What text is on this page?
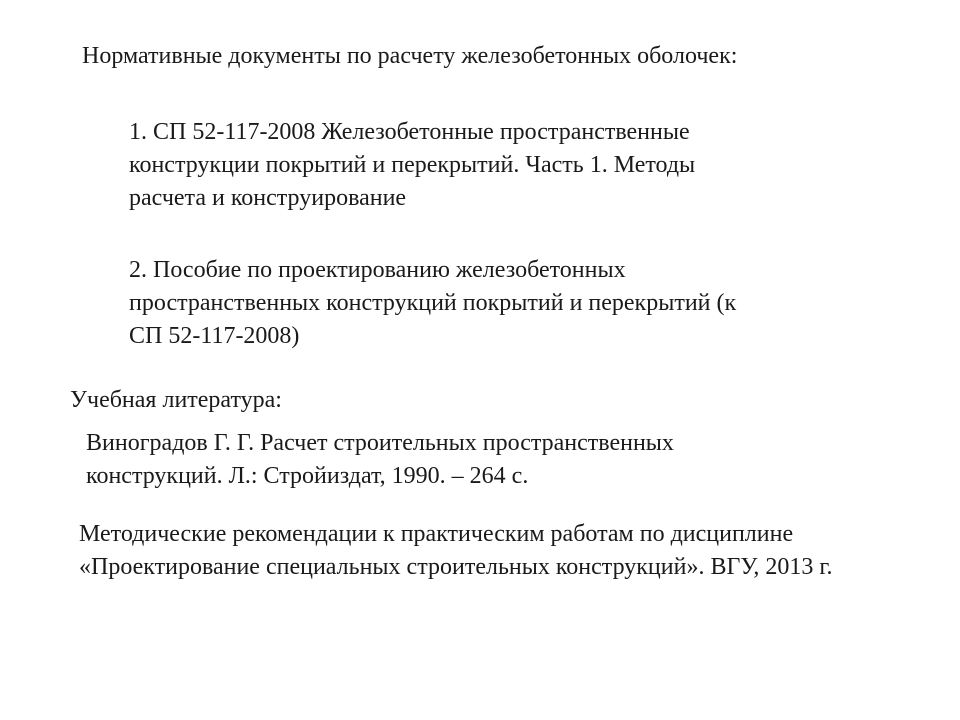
Нормативные документы по расчету железобетонных оболочек:
1. СП 52-117-2008 Железобетонные пространственные
конструкции покрытий и перекрытий. Часть 1. Методы
расчета и конструирование
2. Пособие по проектированию железобетонных
пространственных конструкций покрытий и перекрытий (к
СП 52-117-2008)
Учебная литература:
Виноградов Г. Г. Расчет строительных пространственных
конструкций. Л.: Стройиздат, 1990. – 264 с.
Методические рекомендации к практическим работам по дисциплине
«Проектирование специальных строительных конструкций». ВГУ, 2013 г.
